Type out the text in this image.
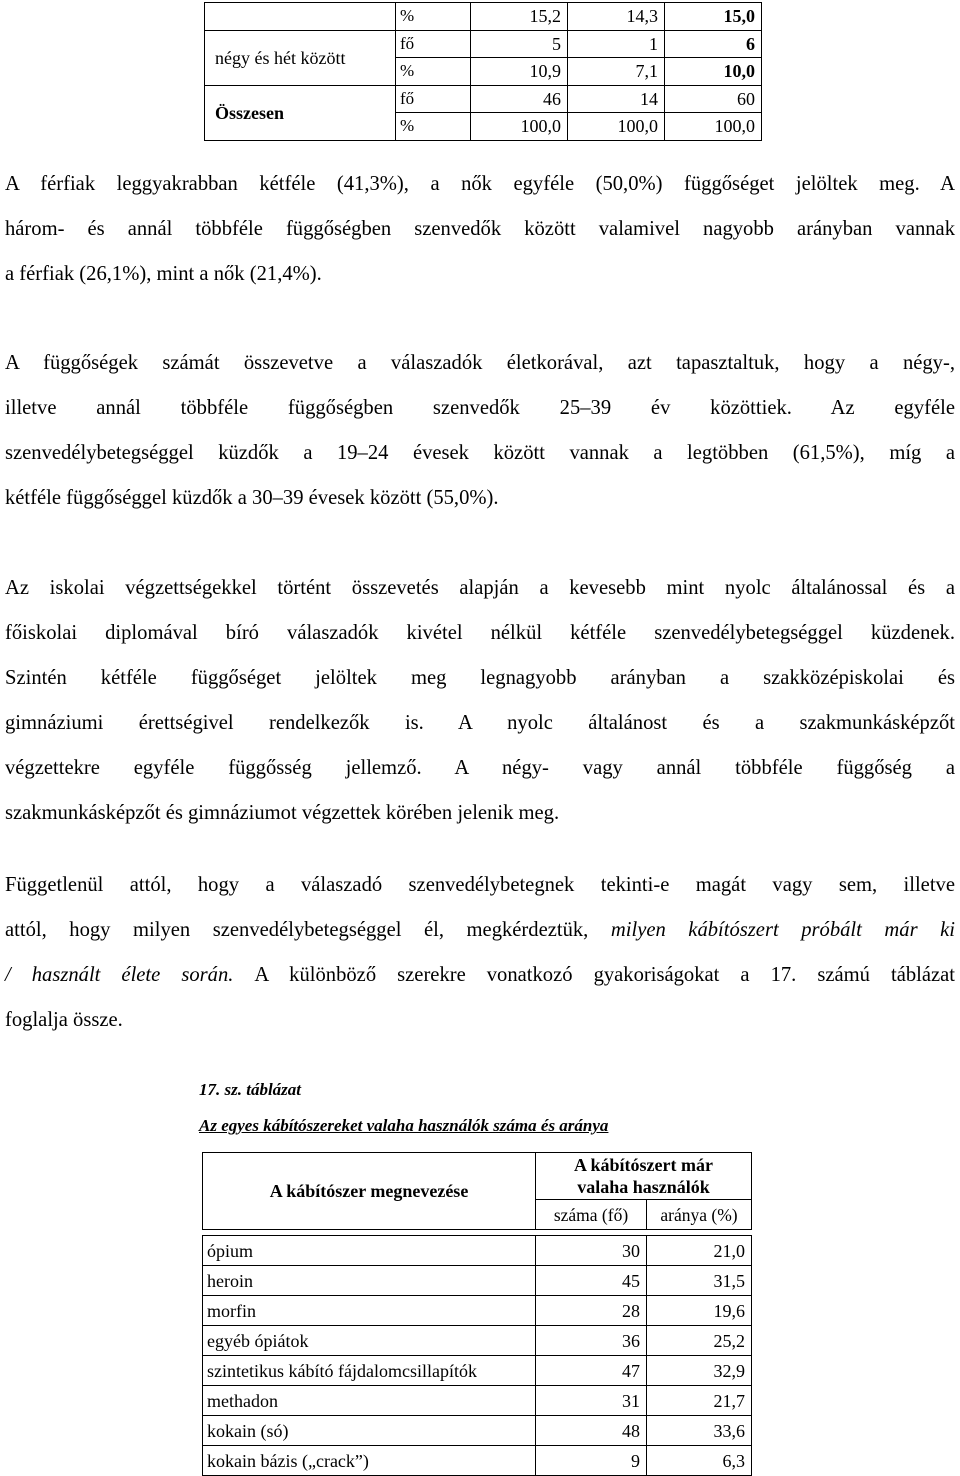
	%	15,2	14,3	15,0
négy és hét között	fő	5	1	6
	%	10,9	7,1	10,0
Összesen	fő	46	14	60
	%	100,0	100,0	100,0
A férfiak leggyakrabban kétféle (41,3%), a nők egyféle (50,0%) függőséget jelöltek meg. A
három- és annál többféle függőségben szenvedők között valamivel nagyobb arányban vannak
a férfiak (26,1%), mint a nők (21,4%).
A függőségek számát összevetve a válaszadók életkorával, azt tapasztaltuk, hogy a négy-,
illetve annál többféle függőségben szenvedők 25–39 év közöttiek. Az egyféle
szenvedélybetegséggel küzdők a 19–24 évesek között vannak a legtöbben (61,5%), míg a
kétféle függőséggel küzdők a 30–39 évesek között (55,0%).
Az iskolai végzettségekkel történt összevetés alapján a kevesebb mint nyolc általánossal és a
főiskolai diplomával bíró válaszadók kivétel nélkül kétféle szenvedélybetegséggel küzdenek.
Szintén kétféle függőséget jelöltek meg legnagyobb arányban a szakközépiskolai és
gimnáziumi érettségivel rendelkezők is. A nyolc általánost és a szakmunkásképzőt
végzettekre egyféle függősség jellemző. A négy- vagy annál többféle függőség a
szakmunkásképzőt és gimnáziumot végzettek körében jelenik meg.
Függetlenül attól, hogy a válaszadó szenvedélybetegnek tekinti-e magát vagy sem, illetve
attól, hogy milyen szenvedélybetegséggel él, megkérdeztük, milyen kábítószert próbált már ki
/ használt élete során. A különböző szerekre vonatkozó gyakoriságokat a 17. számú táblázat
foglalja össze.
17. sz. táblázat
Az egyes kábítószereket valaha használók száma és aránya
A kábítószer megnevezése	A kábítószert már valaha használók	
	száma (fő)	aránya (%)

ópium	30	21,0
heroin	45	31,5
morfin	28	19,6
egyéb ópiátok	36	25,2
szintetikus kábító fájdalomcsillapítók	47	32,9
methadon	31	21,7
kokain (só)	48	33,6
kokain bázis („crack”)	9	6,3
